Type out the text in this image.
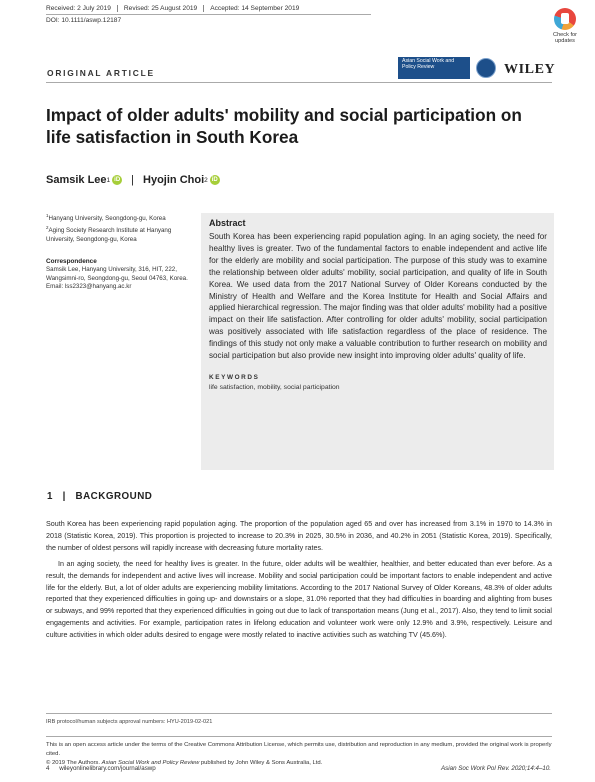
Received: 2 July 2019	Revised: 25 August 2019	Accepted: 14 September 2019
DOI: 10.1111/aswp.12187
Check for updates
ORIGINAL ARTICLE
Asian Social Work and Policy Review	WILEY
Impact of older adults' mobility and social participation on life satisfaction in South Korea
Samsik Lee 1 iD | Hyojin Choi 2 iD
$^1$Hanyang University, Seongdong-gu, Korea
$^2$Aging Society Research Institute at Hanyang University, Seongdong-gu, Korea
Correspondence
Samsik Lee, Hanyang University, 316, HIT, 222, Wangsimni-ro, Seongdong-gu, Seoul 04763, Korea.
Email: lss2323@hanyang.ac.kr
Abstract

South Korea has been experiencing rapid population aging. In an aging society, the need for healthy lives is greater. Two of the fundamental factors to enable independent and active life for the elderly are mobility and social participation. The purpose of this study was to examine the relationship between older adults' mobility, social participation, and quality of life in South Korea. We used data from the 2017 National Survey of Older Koreans conducted by the Ministry of Health and Welfare and the Korea Institute for Health and Social Affairs and applied hierarchical regression. The major finding was that older adults' mobility had a positive impact on their life satisfaction. After controlling for older adults' mobility, social participation was positively associated with life satisfaction regardless of the place of residence. The findings of this study not only make a valuable contribution to further research on mobility and social participation but also provide new insight into improving older adults' quality of life.

KEYWORDS
life satisfaction, mobility, social participation
1   |   BACKGROUND

South Korea has been experiencing rapid population aging. The proportion of the population aged 65 and over has increased from 3.1% in 1970 to 14.3% in 2018 (Statistic Korea, 2019). This proportion is projected to increase to 20.3% in 2025, 30.5% in 2036, and 40.2% in 2051 (Statistic Korea, 2019). Specifically, the number of oldest persons will rapidly increase with decreasing future mortality rates.

In an aging society, the need for healthy lives is greater. In the future, older adults will be wealthier, healthier, and better educated than ever before. As a result, the demands for independent and active lives will increase. Mobility and social participation could be important factors to enable independent and active life for the elderly. But, a lot of older adults are experiencing mobility limitations. According to the 2017 National Survey of Older Koreans, 48.3% of older adults reported that they experienced difficulties in going up- and downstairs or a slope, 31.0% reported that they had difficulties in boarding and alighting from buses or subways, and 99% reported that they experienced difficulties in going out due to lack of transportation means (Jung et al., 2017). Also, they tend to limit social engagements and activities. For example, participation rates in lifelong education and volunteer work were only 12.9% and 3.9%, respectively. Leisure and culture activities in which older adults desired to engage were mostly related to inactive activities such as watching TV (45.6%).

IRB protocol/human subjects approval numbers: HYU-2019-02-021
This is an open access article under the terms of the Creative Commons Attribution License, which permits use, distribution and reproduction in any medium, provided the original work is properly cited.
© 2019 The Authors. Asian Social Work and Policy Review published by John Wiley & Sons Australia, Ltd.
4 wileyonlinelibrary.com/journal/aswp	Asian Soc Work Pol Rev. 2020;14:4–10.
